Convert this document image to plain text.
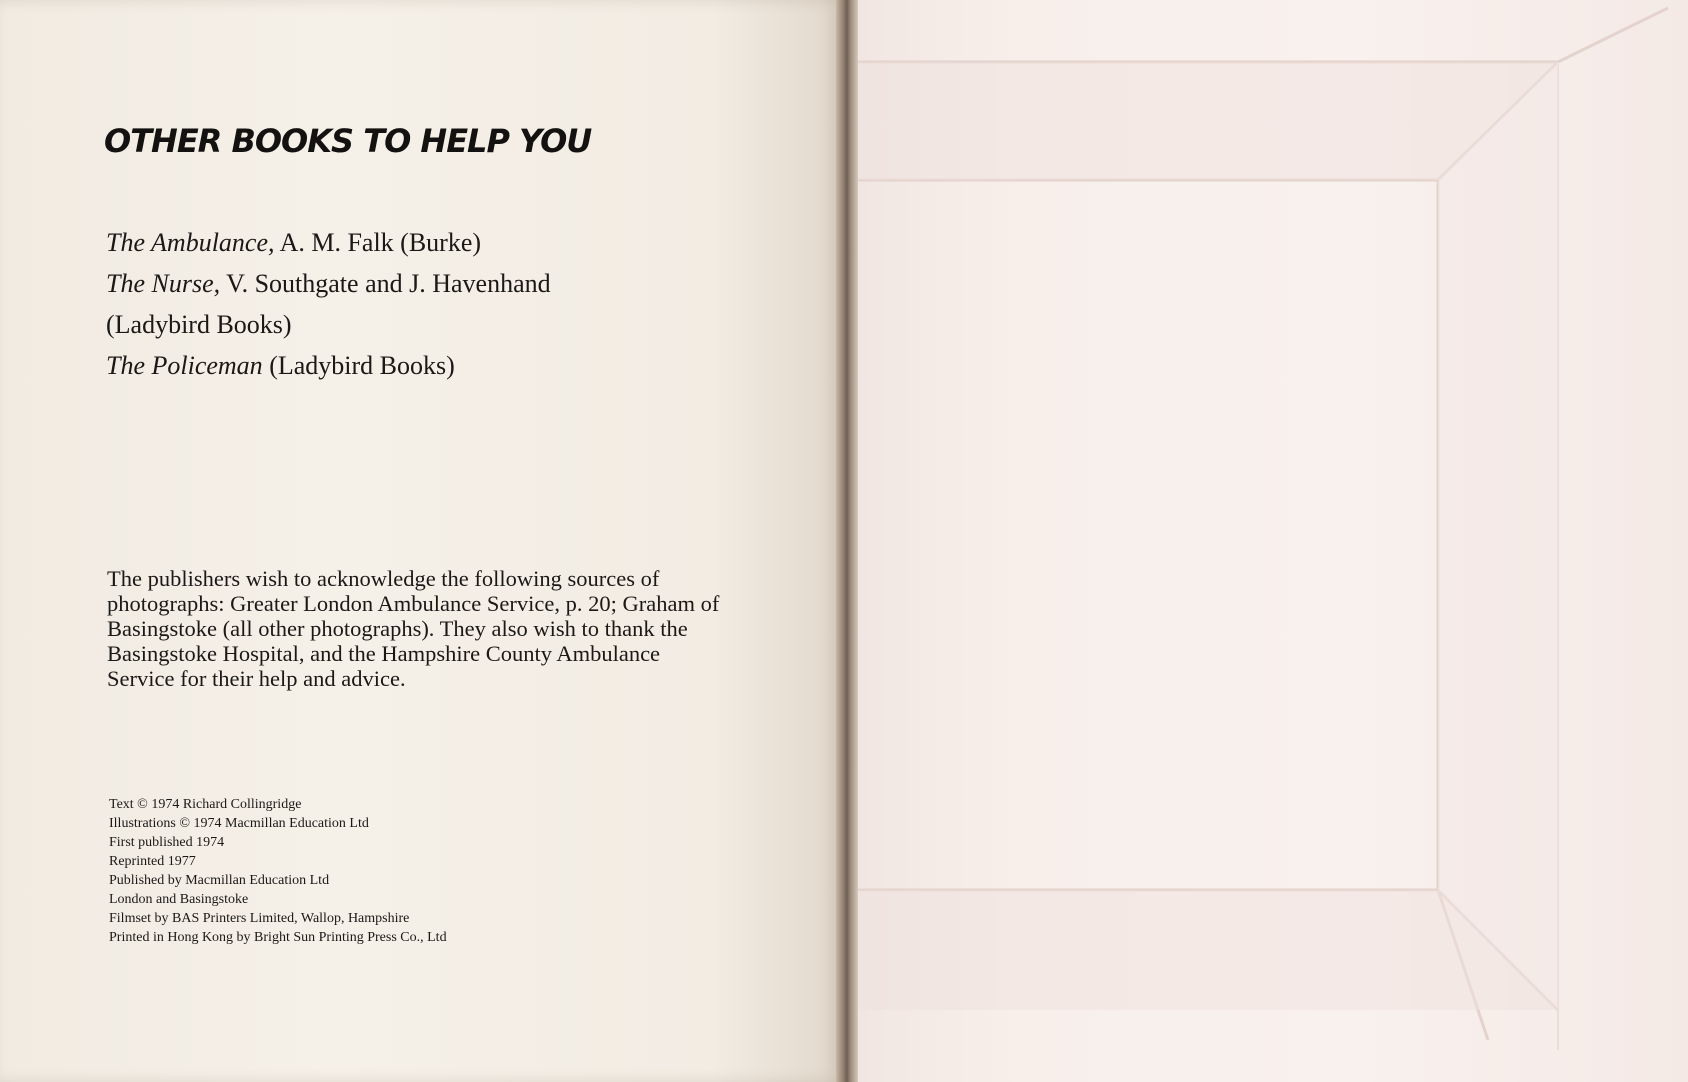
OTHER BOOKS TO HELP YOU
The Ambulance, A. M. Falk (Burke)
The Nurse, V. Southgate and J. Havenhand
(Ladybird Books)
The Policeman (Ladybird Books)

The publishers wish to acknowledge the following sources of photographs: Greater London Ambulance Service, p. 20; Graham of Basingstoke (all other photographs). They also wish to thank the Basingstoke Hospital, and the Hampshire County Ambulance Service for their help and advice.

Text © 1974 Richard Collingridge
Illustrations © 1974 Macmillan Education Ltd
First published 1974
Reprinted 1977
Published by Macmillan Education Ltd
London and Basingstoke
Filmset by BAS Printers Limited, Wallop, Hampshire
Printed in Hong Kong by Bright Sun Printing Press Co., Ltd
